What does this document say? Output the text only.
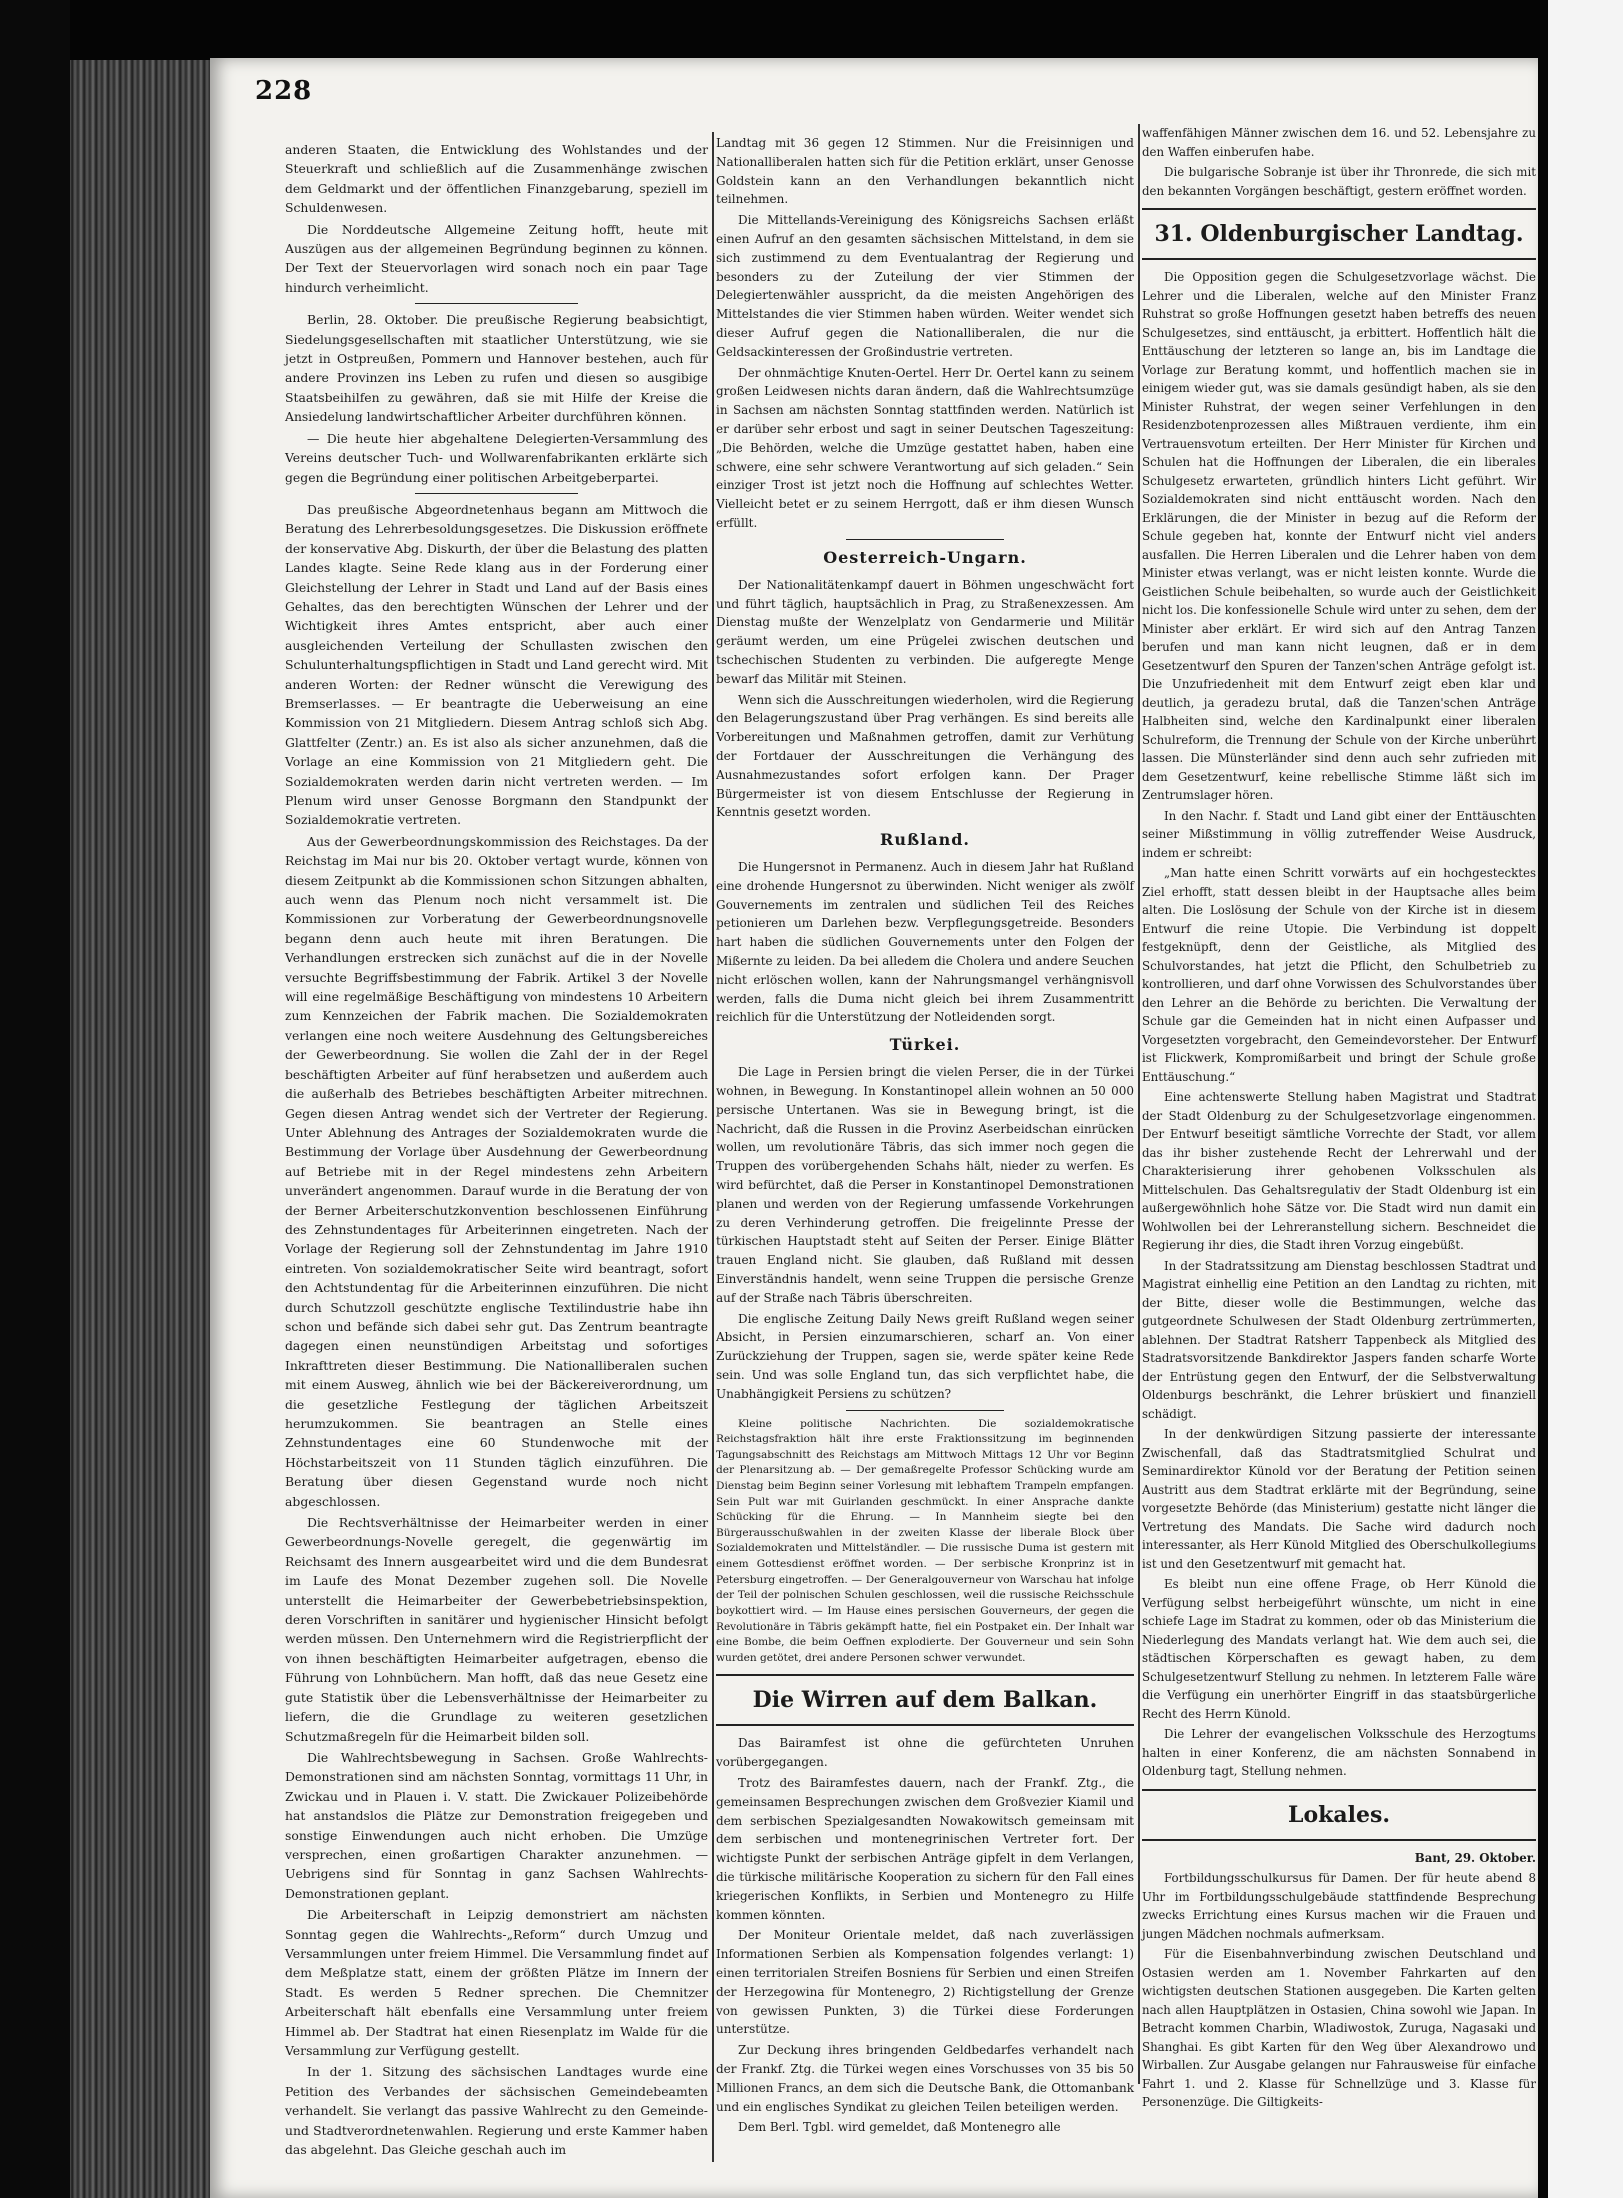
228

anderen Staaten, die Entwicklung des Wohlstandes und der Steuerkraft und schließlich auf die Zusammenhänge zwischen dem Geldmarkt und der öffentlichen Finanzgebarung, speziell im Schuldenwesen.

Die Norddeutsche Allgemeine Zeitung hofft, heute mit Auszügen aus der allgemeinen Begründung beginnen zu können. Der Text der Steuervorlagen wird sonach noch ein paar Tage hindurch verheimlicht.

Berlin, 28. Oktober. Die preußische Regierung beabsichtigt, Siedelungsgesellschaften mit staatlicher Unterstützung, wie sie jetzt in Ostpreußen, Pommern und Hannover bestehen, auch für andere Provinzen ins Leben zu rufen und diesen so ausgibige Staatsbeihilfen zu gewähren, daß sie mit Hilfe der Kreise die Ansiedelung landwirtschaftlicher Arbeiter durchführen können.

— Die heute hier abgehaltene Delegierten-Versammlung des Vereins deutscher Tuch- und Wollwarenfabrikanten erklärte sich gegen die Begründung einer politischen Arbeitgeberpartei.

Das preußische Abgeordnetenhaus begann am Mittwoch die Beratung des Lehrerbesoldungsgesetzes. Die Diskussion eröffnete der konservative Abg. Diskurth, der über die Belastung des platten Landes klagte. Seine Rede klang aus in der Forderung einer Gleichstellung der Lehrer in Stadt und Land auf der Basis eines Gehaltes, das den berechtigten Wünschen der Lehrer und der Wichtigkeit ihres Amtes entspricht, aber auch einer ausgleichenden Verteilung der Schullasten zwischen den Schulunterhaltungspflichtigen in Stadt und Land gerecht wird. Mit anderen Worten: der Redner wünscht die Verewigung des Bremserlasses. — Er beantragte die Ueberweisung an eine Kommission von 21 Mitgliedern. Diesem Antrag schloß sich Abg. Glattfelter (Zentr.) an. Es ist also als sicher anzunehmen, daß die Vorlage an eine Kommission von 21 Mitgliedern geht. Die Sozialdemokraten werden darin nicht vertreten werden. — Im Plenum wird unser Genosse Borgmann den Standpunkt der Sozialdemokratie vertreten.

Aus der Gewerbeordnungskommission des Reichstages. Da der Reichstag im Mai nur bis 20. Oktober vertagt wurde, können von diesem Zeitpunkt ab die Kommissionen schon Sitzungen abhalten, auch wenn das Plenum noch nicht versammelt ist. Die Kommissionen zur Vorberatung der Gewerbeordnungsnovelle begann denn auch heute mit ihren Beratungen. Die Verhandlungen erstrecken sich zunächst auf die in der Novelle versuchte Begriffsbestimmung der Fabrik. Artikel 3 der Novelle will eine regelmäßige Beschäftigung von mindestens 10 Arbeitern zum Kennzeichen der Fabrik machen. Die Sozialdemokraten verlangen eine noch weitere Ausdehnung des Geltungsbereiches der Gewerbeordnung. Sie wollen die Zahl der in der Regel beschäftigten Arbeiter auf fünf herabsetzen und außerdem auch die außerhalb des Betriebes beschäftigten Arbeiter mitrechnen. Gegen diesen Antrag wendet sich der Vertreter der Regierung. Unter Ablehnung des Antrages der Sozialdemokraten wurde die Bestimmung der Vorlage über Ausdehnung der Gewerbeordnung auf Betriebe mit in der Regel mindestens zehn Arbeitern unverändert angenommen. Darauf wurde in die Beratung der von der Berner Arbeiterschutzkonvention beschlossenen Einführung des Zehnstundentages für Arbeiterinnen eingetreten. Nach der Vorlage der Regierung soll der Zehnstundentag im Jahre 1910 eintreten. Von sozialdemokratischer Seite wird beantragt, sofort den Achtstundentag für die Arbeiterinnen einzuführen. Die nicht durch Schutzzoll geschützte englische Textilindustrie habe ihn schon und befände sich dabei sehr gut. Das Zentrum beantragte dagegen einen neunstündigen Arbeitstag und sofortiges Inkrafttreten dieser Bestimmung. Die Nationalliberalen suchen mit einem Ausweg, ähnlich wie bei der Bäckereiverordnung, um die gesetzliche Festlegung der täglichen Arbeitszeit herumzukommen. Sie beantragen an Stelle eines Zehnstundentages eine 60 Stundenwoche mit der Höchstarbeitszeit von 11 Stunden täglich einzuführen. Die Beratung über diesen Gegenstand wurde noch nicht abgeschlossen.

Die Rechtsverhältnisse der Heimarbeiter werden in einer Gewerbeordnungs-Novelle geregelt, die gegenwärtig im Reichsamt des Innern ausgearbeitet wird und die dem Bundesrat im Laufe des Monat Dezember zugehen soll. Die Novelle unterstellt die Heimarbeiter der Gewerbebetriebsinspektion, deren Vorschriften in sanitärer und hygienischer Hinsicht befolgt werden müssen. Den Unternehmern wird die Registrierpflicht der von ihnen beschäftigten Heimarbeiter aufgetragen, ebenso die Führung von Lohnbüchern. Man hofft, daß das neue Gesetz eine gute Statistik über die Lebensverhältnisse der Heimarbeiter zu liefern, die die Grundlage zu weiteren gesetzlichen Schutzmaßregeln für die Heimarbeit bilden soll.

Die Wahlrechtsbewegung in Sachsen. Große Wahlrechts-Demonstrationen sind am nächsten Sonntag, vormittags 11 Uhr, in Zwickau und in Plauen i. V. statt. Die Zwickauer Polizeibehörde hat anstandslos die Plätze zur Demonstration freigegeben und sonstige Einwendungen auch nicht erhoben. Die Umzüge versprechen, einen großartigen Charakter anzunehmen. — Uebrigens sind für Sonntag in ganz Sachsen Wahlrechts-Demonstrationen geplant.

Die Arbeiterschaft in Leipzig demonstriert am nächsten Sonntag gegen die Wahlrechts-„Reform“ durch Umzug und Versammlungen unter freiem Himmel. Die Versammlung findet auf dem Meßplatze statt, einem der größten Plätze im Innern der Stadt. Es werden 5 Redner sprechen. Die Chemnitzer Arbeiterschaft hält ebenfalls eine Versammlung unter freiem Himmel ab. Der Stadtrat hat einen Riesenplatz im Walde für die Versammlung zur Verfügung gestellt.

In der 1. Sitzung des sächsischen Landtages wurde eine Petition des Verbandes der sächsischen Gemeindebeamten verhandelt. Sie verlangt das passive Wahlrecht zu den Gemeinde- und Stadtverordnetenwahlen. Regierung und erste Kammer haben das abgelehnt. Das Gleiche geschah auch im

Landtag mit 36 gegen 12 Stimmen. Nur die Freisinnigen und Nationalliberalen hatten sich für die Petition erklärt, unser Genosse Goldstein kann an den Verhandlungen bekanntlich nicht teilnehmen.

Die Mittellands-Vereinigung des Königsreichs Sachsen erläßt einen Aufruf an den gesamten sächsischen Mittelstand, in dem sie sich zustimmend zu dem Eventualantrag der Regierung und besonders zu der Zuteilung der vier Stimmen der Delegiertenwähler ausspricht, da die meisten Angehörigen des Mittelstandes die vier Stimmen haben würden. Weiter wendet sich dieser Aufruf gegen die Nationalliberalen, die nur die Geldsackinteressen der Großindustrie vertreten.

Der ohnmächtige Knuten-Oertel. Herr Dr. Oertel kann zu seinem großen Leidwesen nichts daran ändern, daß die Wahlrechtsumzüge in Sachsen am nächsten Sonntag stattfinden werden. Natürlich ist er darüber sehr erbost und sagt in seiner Deutschen Tageszeitung: „Die Behörden, welche die Umzüge gestattet haben, haben eine schwere, eine sehr schwere Verantwortung auf sich geladen.“ Sein einziger Trost ist jetzt noch die Hoffnung auf schlechtes Wetter. Vielleicht betet er zu seinem Herrgott, daß er ihm diesen Wunsch erfüllt.

Oesterreich-Ungarn.

Der Nationalitätenkampf dauert in Böhmen ungeschwächt fort und führt täglich, hauptsächlich in Prag, zu Straßenexzessen. Am Dienstag mußte der Wenzelplatz von Gendarmerie und Militär geräumt werden, um eine Prügelei zwischen deutschen und tschechischen Studenten zu verbinden. Die aufgeregte Menge bewarf das Militär mit Steinen.

Wenn sich die Ausschreitungen wiederholen, wird die Regierung den Belagerungszustand über Prag verhängen. Es sind bereits alle Vorbereitungen und Maßnahmen getroffen, damit zur Verhütung der Fortdauer der Ausschreitungen die Verhängung des Ausnahmezustandes sofort erfolgen kann. Der Prager Bürgermeister ist von diesem Entschlusse der Regierung in Kenntnis gesetzt worden.

Rußland.

Die Hungersnot in Permanenz. Auch in diesem Jahr hat Rußland eine drohende Hungersnot zu überwinden. Nicht weniger als zwölf Gouvernements im zentralen und südlichen Teil des Reiches petionieren um Darlehen bezw. Verpflegungsgetreide. Besonders hart haben die südlichen Gouvernements unter den Folgen der Mißernte zu leiden. Da bei alledem die Cholera und andere Seuchen nicht erlöschen wollen, kann der Nahrungsmangel verhängnisvoll werden, falls die Duma nicht gleich bei ihrem Zusammentritt reichlich für die Unterstützung der Notleidenden sorgt.

Türkei.

Die Lage in Persien bringt die vielen Perser, die in der Türkei wohnen, in Bewegung. In Konstantinopel allein wohnen an 50 000 persische Untertanen. Was sie in Bewegung bringt, ist die Nachricht, daß die Russen in die Provinz Aserbeidschan einrücken wollen, um revolutionäre Täbris, das sich immer noch gegen die Truppen des vorübergehenden Schahs hält, nieder zu werfen. Es wird befürchtet, daß die Perser in Konstantinopel Demonstrationen planen und werden von der Regierung umfassende Vorkehrungen zu deren Verhinderung getroffen. Die freigelinnte Presse der türkischen Hauptstadt steht auf Seiten der Perser. Einige Blätter trauen England nicht. Sie glauben, daß Rußland mit dessen Einverständnis handelt, wenn seine Truppen die persische Grenze auf der Straße nach Täbris überschreiten.

Die englische Zeitung Daily News greift Rußland wegen seiner Absicht, in Persien einzumarschieren, scharf an. Von einer Zurückziehung der Truppen, sagen sie, werde später keine Rede sein. Und was solle England tun, das sich verpflichtet habe, die Unabhängigkeit Persiens zu schützen?

Kleine politische Nachrichten. Die sozialdemokratische Reichstagsfraktion hält ihre erste Fraktionssitzung im beginnenden Tagungsabschnitt des Reichstags am Mittwoch Mittags 12 Uhr vor Beginn der Plenarsitzung ab. — Der gemaßregelte Professor Schücking wurde am Dienstag beim Beginn seiner Vorlesung mit lebhaftem Trampeln empfangen. Sein Pult war mit Guirlanden geschmückt. In einer Ansprache dankte Schücking für die Ehrung. — In Mannheim siegte bei den Bürgerausschußwahlen in der zweiten Klasse der liberale Block über Sozialdemokraten und Mittelständler. — Die russische Duma ist gestern mit einem Gottesdienst eröffnet worden. — Der serbische Kronprinz ist in Petersburg eingetroffen. — Der Generalgouverneur von Warschau hat infolge der Teil der polnischen Schulen geschlossen, weil die russische Reichsschule boykottiert wird. — Im Hause eines persischen Gouverneurs, der gegen die Revolutionäre in Täbris gekämpft hatte, fiel ein Postpaket ein. Der Inhalt war eine Bombe, die beim Oeffnen explodierte. Der Gouverneur und sein Sohn wurden getötet, drei andere Personen schwer verwundet.

Die Wirren auf dem Balkan.

Das Bairamfest ist ohne die gefürchteten Unruhen vorübergegangen.

Trotz des Bairamfestes dauern, nach der Frankf. Ztg., die gemeinsamen Besprechungen zwischen dem Großvezier Kiamil und dem serbischen Spezialgesandten Nowakowitsch gemeinsam mit dem serbischen und montenegrinischen Vertreter fort. Der wichtigste Punkt der serbischen Anträge gipfelt in dem Verlangen, die türkische militärische Kooperation zu sichern für den Fall eines kriegerischen Konflikts, in Serbien und Montenegro zu Hilfe kommen könnten.

Der Moniteur Orientale meldet, daß nach zuverlässigen Informationen Serbien als Kompensation folgendes verlangt: 1) einen territorialen Streifen Bosniens für Serbien und einen Streifen der Herzegowina für Montenegro, 2) Richtigstellung der Grenze von gewissen Punkten, 3) die Türkei diese Forderungen unterstütze.

Zur Deckung ihres bringenden Geldbedarfes verhandelt nach der Frankf. Ztg. die Türkei wegen eines Vorschusses von 35 bis 50 Millionen Francs, an dem sich die Deutsche Bank, die Ottomanbank und ein englisches Syndikat zu gleichen Teilen beteiligen werden.

Dem Berl. Tgbl. wird gemeldet, daß Montenegro alle

waffenfähigen Männer zwischen dem 16. und 52. Lebensjahre zu den Waffen einberufen habe.

Die bulgarische Sobranje ist über ihr Thronrede, die sich mit den bekannten Vorgängen beschäftigt, gestern eröffnet worden.

31. Oldenburgischer Landtag.

Die Opposition gegen die Schulgesetzvorlage wächst. Die Lehrer und die Liberalen, welche auf den Minister Franz Ruhstrat so große Hoffnungen gesetzt haben betreffs des neuen Schulgesetzes, sind enttäuscht, ja erbittert. Hoffentlich hält die Enttäuschung der letzteren so lange an, bis im Landtage die Vorlage zur Beratung kommt, und hoffentlich machen sie in einigem wieder gut, was sie damals gesündigt haben, als sie den Minister Ruhstrat, der wegen seiner Verfehlungen in den Residenzbotenprozessen alles Mißtrauen verdiente, ihm ein Vertrauensvotum erteilten. Der Herr Minister für Kirchen und Schulen hat die Hoffnungen der Liberalen, die ein liberales Schulgesetz erwarteten, gründlich hinters Licht geführt. Wir Sozialdemokraten sind nicht enttäuscht worden. Nach den Erklärungen, die der Minister in bezug auf die Reform der Schule gegeben hat, konnte der Entwurf nicht viel anders ausfallen. Die Herren Liberalen und die Lehrer haben von dem Minister etwas verlangt, was er nicht leisten konnte. Wurde die Geistlichen Schule beibehalten, so wurde auch der Geistlichkeit nicht los. Die konfessionelle Schule wird unter zu sehen, dem der Minister aber erklärt. Er wird sich auf den Antrag Tanzen berufen und man kann nicht leugnen, daß er in dem Gesetzentwurf den Spuren der Tanzen'schen Anträge gefolgt ist. Die Unzufriedenheit mit dem Entwurf zeigt eben klar und deutlich, ja geradezu brutal, daß die Tanzen'schen Anträge Halbheiten sind, welche den Kardinalpunkt einer liberalen Schulreform, die Trennung der Schule von der Kirche unberührt lassen. Die Münsterländer sind denn auch sehr zufrieden mit dem Gesetzentwurf, keine rebellische Stimme läßt sich im Zentrumslager hören.

In den Nachr. f. Stadt und Land gibt einer der Enttäuschten seiner Mißstimmung in völlig zutreffender Weise Ausdruck, indem er schreibt:

„Man hatte einen Schritt vorwärts auf ein hochgestecktes Ziel erhofft, statt dessen bleibt in der Hauptsache alles beim alten. Die Loslösung der Schule von der Kirche ist in diesem Entwurf die reine Utopie. Die Verbindung ist doppelt festgeknüpft, denn der Geistliche, als Mitglied des Schulvorstandes, hat jetzt die Pflicht, den Schulbetrieb zu kontrollieren, und darf ohne Vorwissen des Schulvorstandes über den Lehrer an die Behörde zu berichten. Die Verwaltung der Schule gar die Gemeinden hat in nicht einen Aufpasser und Vorgesetzten vorgebracht, den Gemeindevorsteher. Der Entwurf ist Flickwerk, Kompromißarbeit und bringt der Schule große Enttäuschung.“

Eine achtenswerte Stellung haben Magistrat und Stadtrat der Stadt Oldenburg zu der Schulgesetzvorlage eingenommen. Der Entwurf beseitigt sämtliche Vorrechte der Stadt, vor allem das ihr bisher zustehende Recht der Lehrerwahl und der Charakterisierung ihrer gehobenen Volksschulen als Mittelschulen. Das Gehaltsregulativ der Stadt Oldenburg ist ein außergewöhnlich hohe Sätze vor. Die Stadt wird nun damit ein Wohlwollen bei der Lehreranstellung sichern. Beschneidet die Regierung ihr dies, die Stadt ihren Vorzug eingebüßt.

In der Stadratssitzung am Dienstag beschlossen Stadtrat und Magistrat einhellig eine Petition an den Landtag zu richten, mit der Bitte, dieser wolle die Bestimmungen, welche das gutgeordnete Schulwesen der Stadt Oldenburg zertrümmerten, ablehnen. Der Stadtrat Ratsherr Tappenbeck als Mitglied des Stadratsvorsitzende Bankdirektor Jaspers fanden scharfe Worte der Entrüstung gegen den Entwurf, der die Selbstverwaltung Oldenburgs beschränkt, die Lehrer brüskiert und finanziell schädigt.

In der denkwürdigen Sitzung passierte der interessante Zwischenfall, daß das Stadtratsmitglied Schulrat und Seminardirektor Künold vor der Beratung der Petition seinen Austritt aus dem Stadtrat erklärte mit der Begründung, seine vorgesetzte Behörde (das Ministerium) gestatte nicht länger die Vertretung des Mandats. Die Sache wird dadurch noch interessanter, als Herr Künold Mitglied des Oberschulkollegiums ist und den Gesetzentwurf mit gemacht hat.

Es bleibt nun eine offene Frage, ob Herr Künold die Verfügung selbst herbeigeführt wünschte, um nicht in eine schiefe Lage im Stadrat zu kommen, oder ob das Ministerium die Niederlegung des Mandats verlangt hat. Wie dem auch sei, die städtischen Körperschaften es gewagt haben, zu dem Schulgesetzentwurf Stellung zu nehmen. In letzterem Falle wäre die Verfügung ein unerhörter Eingriff in das staatsbürgerliche Recht des Herrn Künold.

Die Lehrer der evangelischen Volksschule des Herzogtums halten in einer Konferenz, die am nächsten Sonnabend in Oldenburg tagt, Stellung nehmen.

Lokales.

Bant, 29. Oktober.

Fortbildungsschulkursus für Damen. Der für heute abend 8 Uhr im Fortbildungsschulgebäude stattfindende Besprechung zwecks Errichtung eines Kursus machen wir die Frauen und jungen Mädchen nochmals aufmerksam.

Für die Eisenbahnverbindung zwischen Deutschland und Ostasien werden am 1. November Fahrkarten auf den wichtigsten deutschen Stationen ausgegeben. Die Karten gelten nach allen Hauptplätzen in Ostasien, China sowohl wie Japan. In Betracht kommen Charbin, Wladiwostok, Zuruga, Nagasaki und Shanghai. Es gibt Karten für den Weg über Alexandrowo und Wirballen. Zur Ausgabe gelangen nur Fahrausweise für einfache Fahrt 1. und 2. Klasse für Schnellzüge und 3. Klasse für Personenzüge. Die Giltigkeits-
